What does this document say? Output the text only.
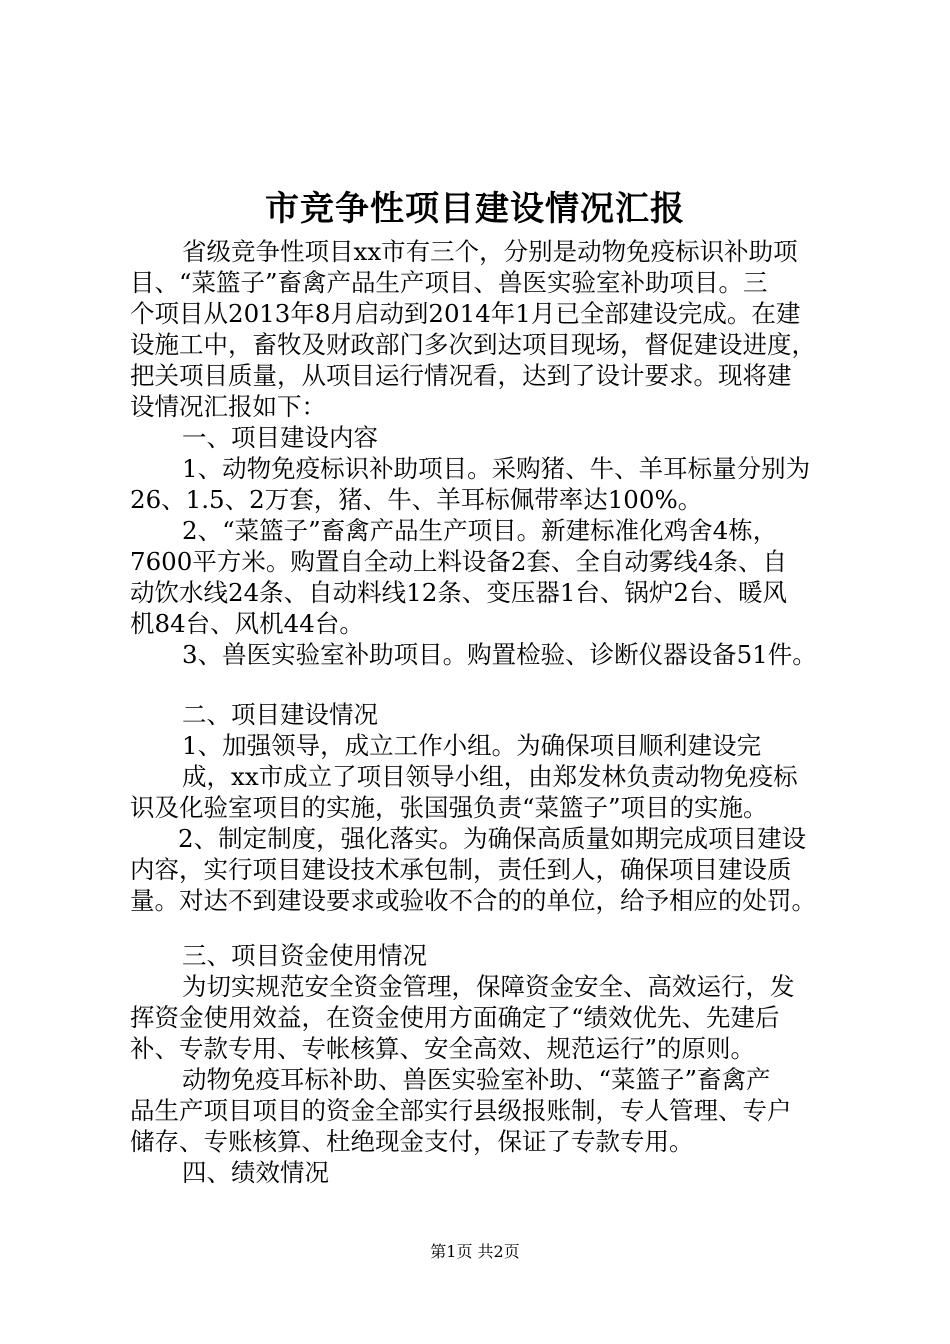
市竞争性项目建设情况汇报
省级竞争性项目xx市有三个，分别是动物免疫标识补助项
目、“菜篮子”畜禽产品生产项目、兽医实验室补助项目。三
个项目从2013年8月启动到2014年1月已全部建设完成。在建
设施工中，畜牧及财政部门多次到达项目现场，督促建设进度，
把关项目质量，从项目运行情况看，达到了设计要求。现将建
设情况汇报如下：
一、项目建设内容
1、动物免疫标识补助项目。采购猪、牛、羊耳标量分别为
26、1.5、2万套，猪、牛、羊耳标佩带率达100%。
2、“菜篮子”畜禽产品生产项目。新建标准化鸡舍4栋，
7600平方米。购置自全动上料设备2套、全自动雾线4条、自
动饮水线24条、自动料线12条、变压器1台、锅炉2台、暖风
机84台、风机44台。
3、兽医实验室补助项目。购置检验、诊断仪器设备51件。
二、项目建设情况
1、加强领导，成立工作小组。为确保项目顺利建设完
成，xx市成立了项目领导小组，由郑发林负责动物免疫标
识及化验室项目的实施，张国强负责“菜篮子”项目的实施。
2、制定制度，强化落实。为确保高质量如期完成项目建设
内容，实行项目建设技术承包制，责任到人，确保项目建设质
量。对达不到建设要求或验收不合的的单位，给予相应的处罚。
三、项目资金使用情况
为切实规范安全资金管理，保障资金安全、高效运行，发
挥资金使用效益，在资金使用方面确定了“绩效优先、先建后
补、专款专用、专帐核算、安全高效、规范运行”的原则。
动物免疫耳标补助、兽医实验室补助、“菜篮子”畜禽产
品生产项目项目的资金全部实行县级报账制，专人管理、专户
储存、专账核算、杜绝现金支付，保证了专款专用。
四、绩效情况
第1页 共2页
